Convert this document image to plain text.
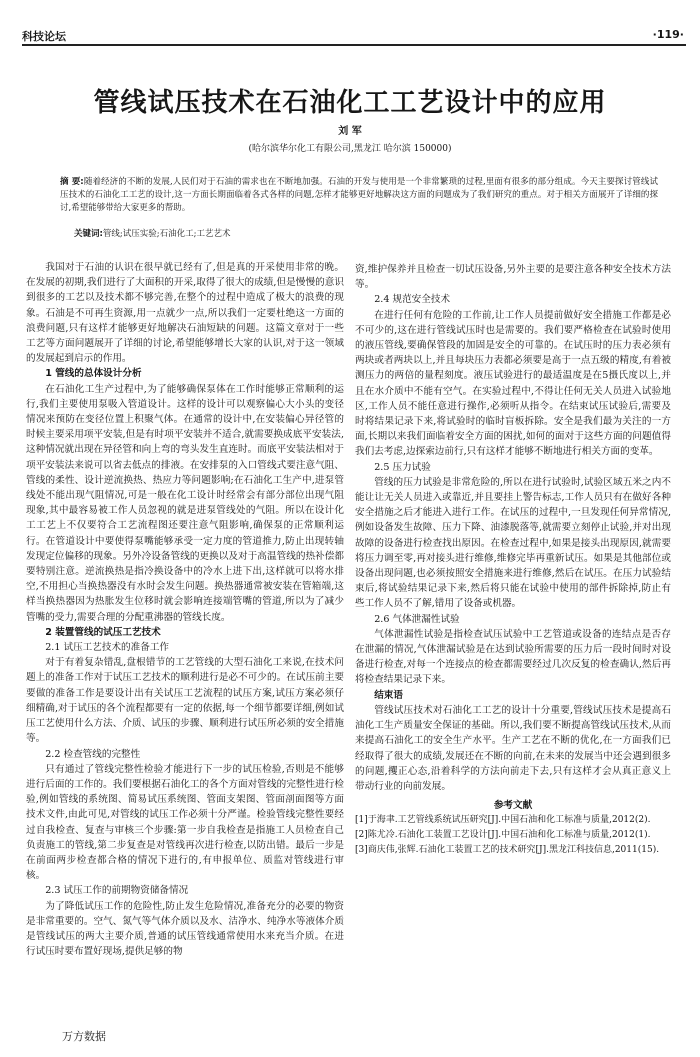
科技论坛	·119·
管线试压技术在石油化工工艺设计中的应用
刘 军
(哈尔滨华尔化工有限公司,黑龙江 哈尔滨 150000)
摘 要:随着经济的不断的发展,人民们对于石油的需求也在不断地加强。石油的开发与使用是一个非常繁琐的过程,里面有很多的部分组成。今天主要探讨管线试压技术的石油化工工艺的设计,这一方面长期面临着各式各样的问题,怎样才能够更好地解决这方面的问题成为了我们研究的重点。对于相关方面展开了详细的探讨,希望能够带给大家更多的帮助。
关键词:管线;试压实验;石油化工;工艺艺术

我国对于石油的认识在很早就已经有了,但是真的开采使用非常的晚。在发展的初期,我们进行了大面积的开采,取得了很大的成绩,但是慢慢的意识到很多的工艺以及技术都不够完善,在整个的过程中造成了极大的浪费的现象。石油是不可再生资源,用一点就少一点,所以我们一定要杜绝这一方面的浪费问题,只有这样才能够更好地解决石油短缺的问题。这篇文章对于一些工艺等方面问题展开了详细的讨论,希望能够增长大家的认识,对于这一领域的发展起到启示的作用。

1 管线的总体设计分析

在石油化工生产过程中,为了能够确保泵体在工作时能够正常顺利的运行,我们主要使用泵吸入管道设计。这样的设计可以观察偏心大小头的变径情况来预防在变径位置上积聚气体。在通常的设计中,在安装偏心异径管的时候主要采用项平安装,但是有时项平安装并不适合,就需要换成底平安装法,这种情况就出现在异径管和向上弯的弯头发生直连时。而底平安装法相对于项平安装法来说可以省去低点的排液。在安排泵的入口管线式要注意气阻、管线的柔性、设计逆流换热、热应力等问题影响;在石油化工生产中,进泵管线处不能出现气阻情况,可是一般在化工设计时经常会有部分部位出现气阻现象,其中最容易被工作人员忽视的就是进泵管线处的气阻。所以在设计化工工艺上不仅要符合工艺流程图还要注意气阻影响,确保泵的正常顺利运行。在管道设计中要使得泵嘴能够承受一定力度的管道推力,防止出现转轴发现定位偏移的现象。另外冷设备管线的更换以及对于高温管线的热补偿都要特别注意。逆流换热是指冷换设备中的冷水上进下出,这样就可以将水排空,不用担心当换热器没有水时会发生问题。换热器通常被安装在管箱端,这样当换热器因为热胀发生位移时就会影响连接端管嘴的管道,所以为了减少管嘴的受力,需要合理的分配重沸器的管线长度。

2 装置管线的试压工艺技术
2.1 试压工艺技术的准备工作

对于有着复杂错乱,盘根错节的工艺管线的大型石油化工来说,在技术问题上的准备工作对于试压工艺技术的顺利进行是必不可少的。在试压前主要要做的准备工作是要设计出有关试压工艺流程的试压方案,试压方案必须仔细精确,对于试压的各个流程都要有一定的依据,每一个细节都要详细,例如试压工艺使用什么方法、介质、试压的步骤、顺利进行试压所必须的安全措施等。

2.2 检查管线的完整性

只有通过了管线完整性检验才能进行下一步的试压检验,否则是不能够进行后面的工作的。我们要根据石油化工的各个方面对管线的完整性进行检验,例如管线的系统图、简易试压系统图、管面支架图、管面剖面图等方面技术文件,由此可见,对管线的试压工作必须十分严谨。检验管线完整性要经过自我检查、复查与审核三个步骤:第一步自我检查是指施工人员检查自己负责施工的管线,第二步复查是对管线再次进行检查,以防出错。最后一步是在前面两步检查都合格的情况下进行的,有申报单位、质监对管线进行审核。

2.3 试压工作的前期物资储备情况

为了降低试压工作的危险性,防止发生危险情况,准备充分的必要的物资是非常重要的。空气、氮气等气体介质以及水、洁净水、纯净水等液体介质是管线试压的两大主要介质,普通的试压管线通常使用水来充当介质。在进行试压时要布置好现场,提供足够的物

资,维护保养并且检查一切试压设备,另外主要的是要注意各种安全技术方法等。

2.4 规范安全技术

在进行任何有危险的工作前,让工作人员提前做好安全措施工作都是必不可少的,这在进行管线试压时也是需要的。我们要严格检查在试验时使用的液压管线,要确保管段的加固是安全的可靠的。在试压时的压力表必须有两块或者两块以上,并且每块压力表都必须要是高于一点五级的精度,有着被测压力的两倍的量程刻度。液压试验进行的最适温度是在5摄氏度以上,并且在水介质中不能有空气。在实验过程中,不得让任何无关人员进入试验地区,工作人员不能任意进行操作,必须听从指令。在结束试压试验后,需要及时将结果记录下来,将试验时的临时盲板拆除。安全是我们最为关注的一方面,长期以来我们面临着安全方面的困扰,如何的面对于这些方面的问题值得我们去考虑,边探索边前行,只有这样才能够不断地进行相关方面的变革。

2.5 压力试验

管线的压力试验是非常危险的,所以在进行试验时,试验区域五米之内不能让让无关人员进入或靠近,并且要挂上警告标志,工作人员只有在做好各种安全措施之后才能进入进行工作。在试压的过程中,一旦发现任何异常情况,例如设备发生故障、压力下降、油漆脱落等,就需要立刻停止试验,并对出现故障的设备进行检查找出原因。在检查过程中,如果是接头出现原因,就需要将压力调至零,再对接头进行维修,维修完毕再重新试压。如果是其他部位或设备出现问题,也必须按照安全措施来进行维修,然后在试压。在压力试验结束后,将试验结果记录下来,然后将只能在试验中使用的部件拆除掉,防止有些工作人员不了解,错用了设备或机器。

2.6 气体泄漏性试验

气体泄漏性试验是指检查试压试验中工艺管道或设备的连结点是否存在泄漏的情况,气体泄漏试验是在达到试验所需要的压力后一段时间时对设备进行检查,对每一个连接点的检查都需要经过几次反复的检查确认,然后再将检查结果记录下来。

结束语

管线试压技术对石油化工工艺的设计十分重要,管线试压技术是提高石油化工生产质量安全保证的基础。所以,我们要不断提高管线试压技术,从而来提高石油化工的安全生产水平。生产工艺在不断的优化,在一方面我们已经取得了很大的成绩,发展还在不断的向前,在未来的发展当中还会遇到很多的问题,攫正心态,沿着科学的方法向前走下去,只有这样才会从真正意义上带动行业的向前发展。

参考文献
[1]于海聿.工艺管线系统试压研究[J].中国石油和化工标准与质量,2012(2).
[2]陈尤冷.石油化工装置工艺设计[J].中国石油和化工标准与质量,2012(1).
[3]商庆伟,张辉.石油化工装置工艺的技术研究[J].黑龙江科技信息,2011(15).
万方数据
